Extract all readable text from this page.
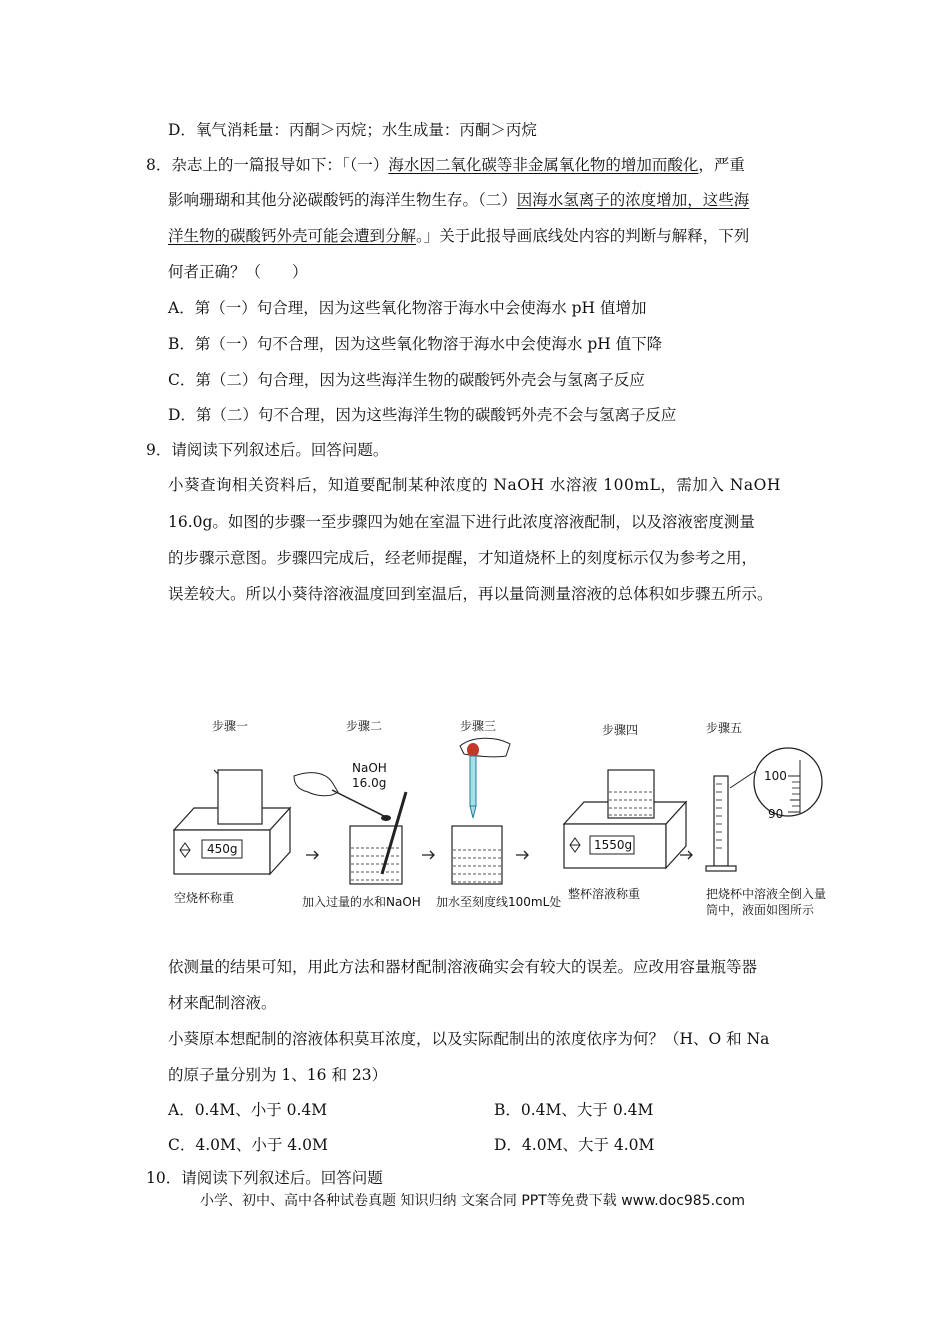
D．氧气消耗量：丙酮＞丙烷；水生成量：丙酮＞丙烷
8．杂志上的一篇报导如下：「（一）海水因二氧化碳等非金属氧化物的增加而酸化，严重
影响珊瑚和其他分泌碳酸钙的海洋生物生存。（二）因海水氢离子的浓度增加，这些海
洋生物的碳酸钙外壳可能会遭到分解。」关于此报导画底线处内容的判断与解释，下列
何者正确？（　　）
A．第（一）句合理，因为这些氧化物溶于海水中会使海水 pH 值增加
B．第（一）句不合理，因为这些氧化物溶于海水中会使海水 pH 值下降
C．第（二）句合理，因为这些海洋生物的碳酸钙外壳会与氢离子反应
D．第（二）句不合理，因为这些海洋生物的碳酸钙外壳不会与氢离子反应
9．请阅读下列叙述后。回答问题。
小葵查询相关资料后，知道要配制某种浓度的 NaOH 水溶液 100mL，需加入 NaOH
16.0g。如图的步骤一至步骤四为她在室温下进行此浓度溶液配制，以及溶液密度测量
的步骤示意图。步骤四完成后，经老师提醒，才知道烧杯上的刻度标示仅为参考之用，
误差较大。所以小葵待溶液温度回到室温后，再以量筒测量溶液的总体积如步骤五所示。
步骤一	步骤二	步骤三	步骤四	步骤五
450g
空烧杯称重
NaOH
16.0g
加入过量的水和NaOH 加水至刻度线100mL处
1550g
整杯溶液称重
100
90
把烧杯中溶液全倒入量
筒中，液面如图所示
依测量的结果可知，用此方法和器材配制溶液确实会有较大的误差。应改用容量瓶等器
材来配制溶液。
小葵原本想配制的溶液体积莫耳浓度，以及实际配制出的浓度依序为何？（H、O 和 Na
的原子量分别为 1、16 和 23）
A．0.4M、小于 0.4M	B．0.4M、大于 0.4M
C．4.0M、小于 4.0M	D．4.0M、大于 4.0M
10．请阅读下列叙述后。回答问题
小学、初中、高中各种试卷真题 知识归纳 文案合同 PPT等免费下载 www.doc985.com
